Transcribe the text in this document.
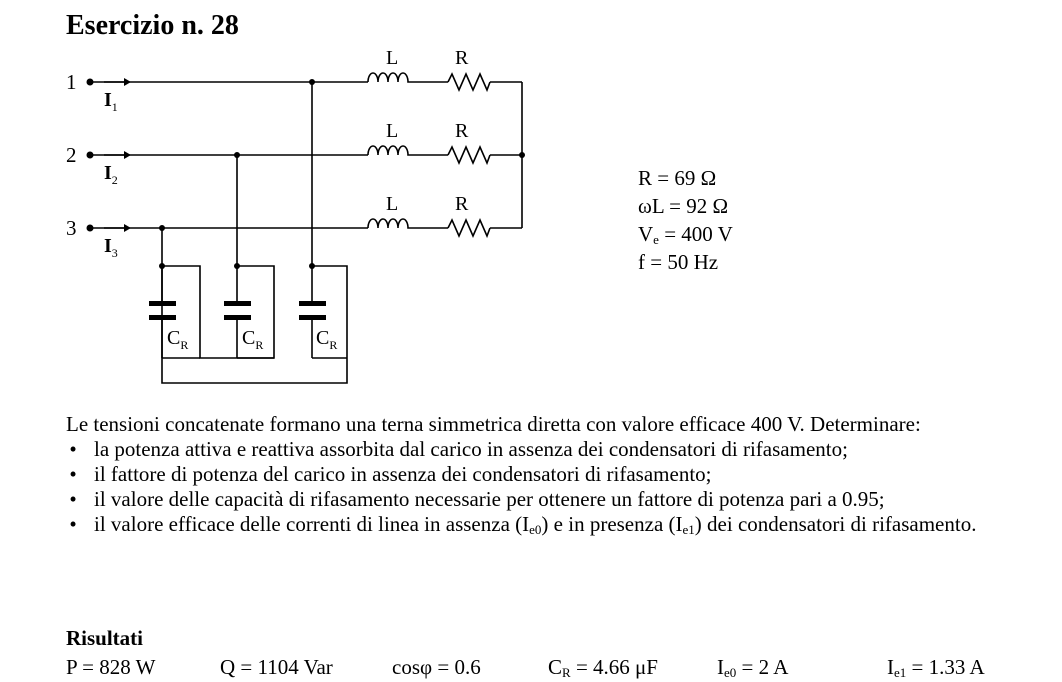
Esercizio n. 28
1
2
3
$I_1$
$I_2$
$I_3$
L	R
L	R
L	R
$C_R$	$C_R$	$C_R$
R = 69 Ω
ωL = 92 Ω
$V_e = 400$ V
f = 50 Hz

Le tensioni concatenate formano una terna simmetrica diretta con valore efficace 400 V. Determinare:

• la potenza attiva e reattiva assorbita dal carico in assenza dei condensatori di rifasamento;
• il fattore di potenza del carico in assenza dei condensatori di rifasamento;
• il valore delle capacità di rifasamento necessarie per ottenere un fattore di potenza pari a 0.95;
• il valore efficace delle correnti di linea in assenza $(I_{e0})$ e in presenza $(I_{e1})$ dei condensatori di rifasamento.

Risultati

P = 828 W	Q = 1104 Var	cosφ = 0.6	$C_R = 4.66$ μF	$I_{e0} = 2$ A	$I_{e1} = 1.33$ A
